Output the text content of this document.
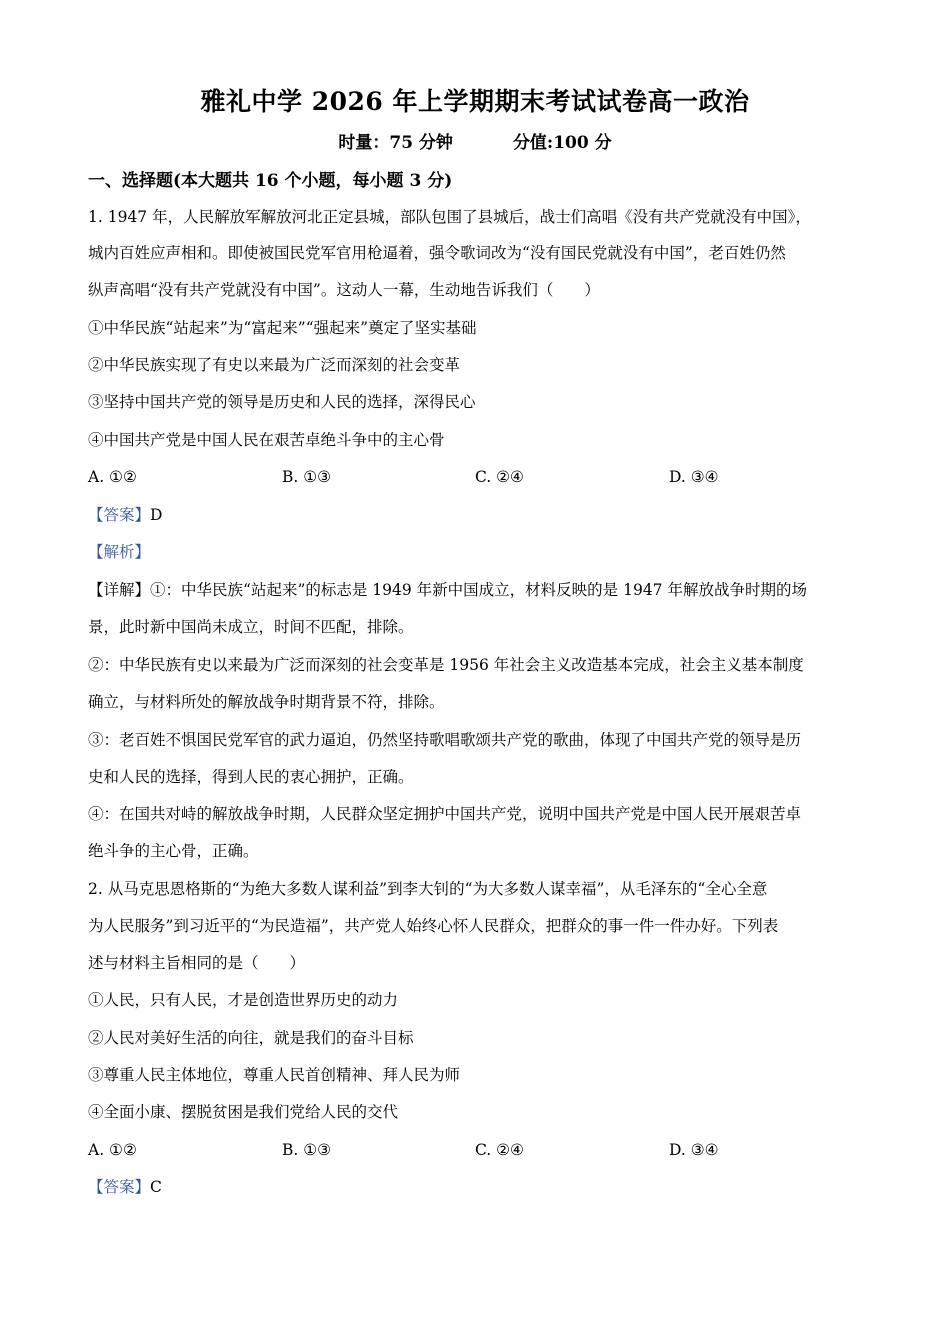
雅礼中学 2026 年上学期期末考试试卷高一政治
时量：75 分钟	分值:100 分
一、选择题(本大题共 16 个小题，每小题 3 分)
1. 1947 年，人民解放军解放河北正定县城，部队包围了县城后，战士们高唱《没有共产党就没有中国》，
城内百姓应声相和。即使被国民党军官用枪逼着，强令歌词改为“没有国民党就没有中国”，老百姓仍然
纵声高唱“没有共产党就没有中国”。这动人一幕，生动地告诉我们（　　）
①中华民族“站起来”为“富起来”“强起来”奠定了坚实基础
②中华民族实现了有史以来最为广泛而深刻的社会变革
③坚持中国共产党的领导是历史和人民的选择，深得民心
④中国共产党是中国人民在艰苦卓绝斗争中的主心骨
A. ①②	B. ①③	C. ②④	D. ③④
【答案】D
【解析】
【详解】①：中华民族“站起来”的标志是 1949 年新中国成立，材料反映的是 1947 年解放战争时期的场
景，此时新中国尚未成立，时间不匹配，排除。
②：中华民族有史以来最为广泛而深刻的社会变革是 1956 年社会主义改造基本完成，社会主义基本制度
确立，与材料所处的解放战争时期背景不符，排除。
③：老百姓不惧国民党军官的武力逼迫，仍然坚持歌唱歌颂共产党的歌曲，体现了中国共产党的领导是历
史和人民的选择，得到人民的衷心拥护，正确。
④：在国共对峙的解放战争时期，人民群众坚定拥护中国共产党，说明中国共产党是中国人民开展艰苦卓
绝斗争的主心骨，正确。
2. 从马克思恩格斯的“为绝大多数人谋利益”到李大钊的“为大多数人谋幸福”，从毛泽东的“全心全意
为人民服务”到习近平的“为民造福”，共产党人始终心怀人民群众，把群众的事一件一件办好。下列表
述与材料主旨相同的是（　　）
①人民，只有人民，才是创造世界历史的动力
②人民对美好生活的向往，就是我们的奋斗目标
③尊重人民主体地位，尊重人民首创精神、拜人民为师
④全面小康、摆脱贫困是我们党给人民的交代
A. ①②	B. ①③	C. ②④	D. ③④
【答案】C
